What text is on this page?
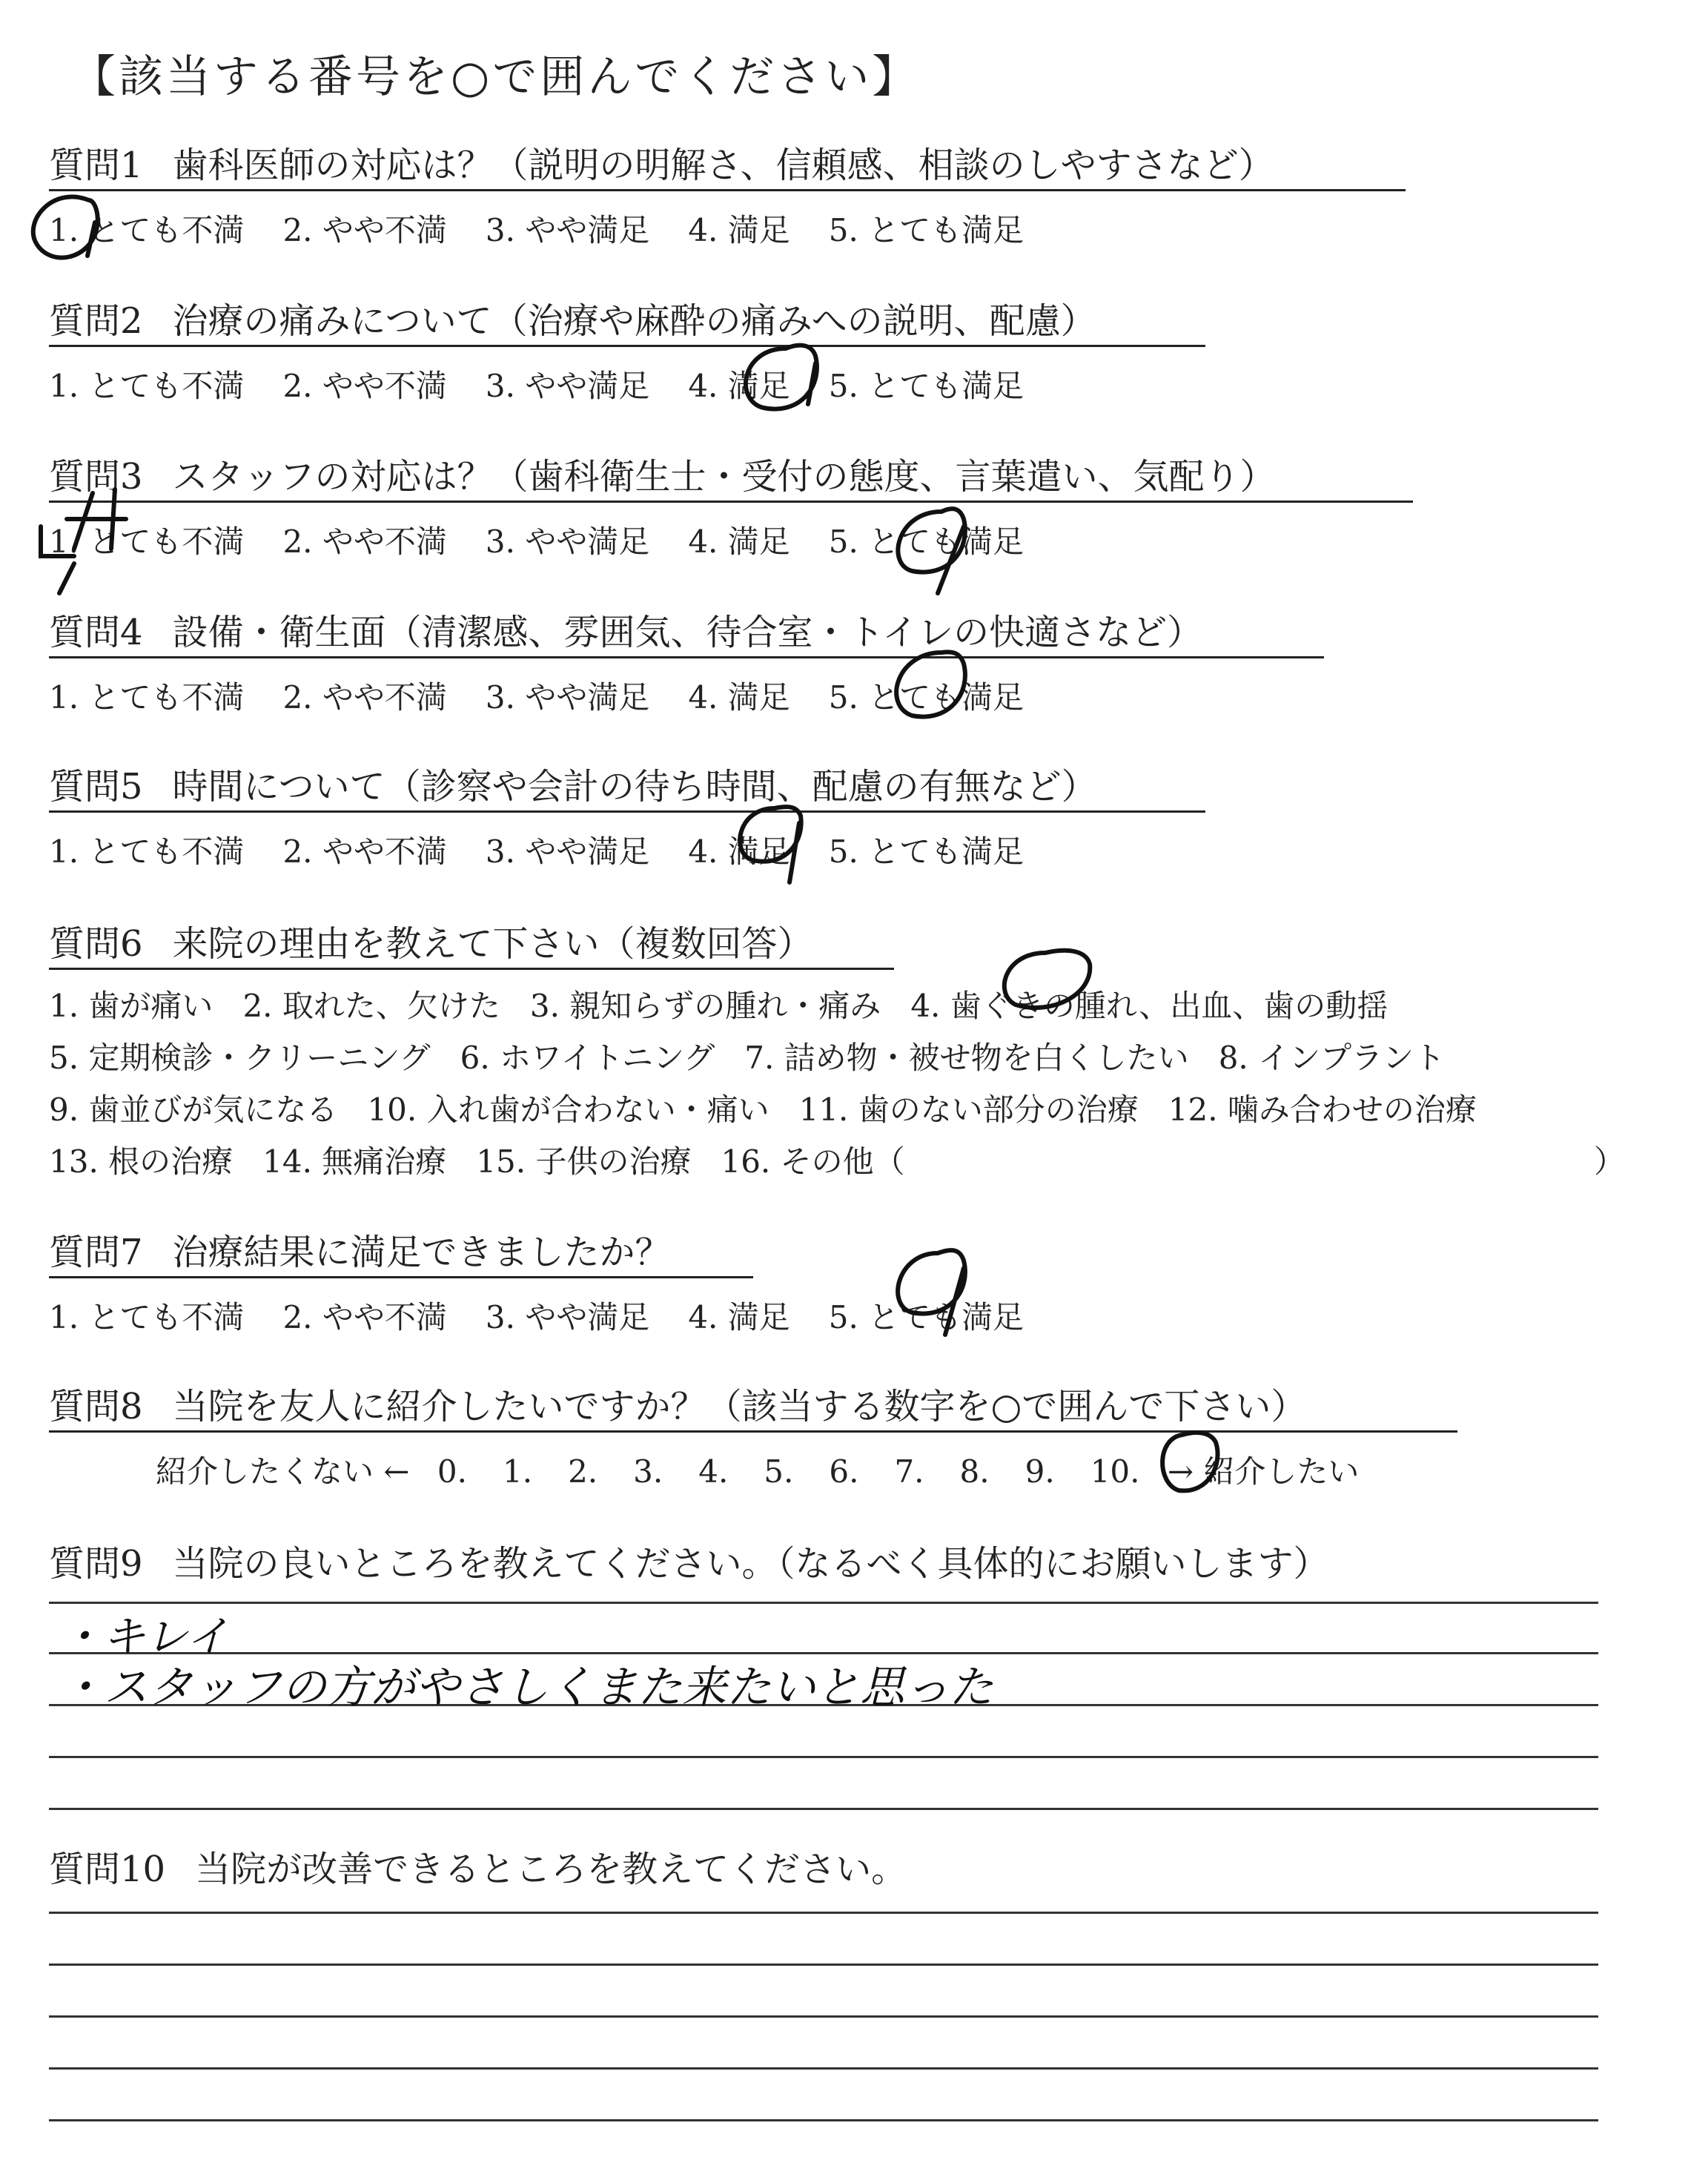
【該当する番号を○で囲んでください】
質問1 歯科医師の対応は？（説明の明解さ、信頼感、相談のしやすさなど）
1. とても不満 2. やや不満 3. やや満足 4. 満足 5. とても満足
質問2 治療の痛みについて（治療や麻酔の痛みへの説明、配慮）
1. とても不満 2. やや不満 3. やや満足 4. 満足 5. とても満足
質問3 スタッフの対応は？（歯科衛生士・受付の態度、言葉遣い、気配り）
1. とても不満 2. やや不満 3. やや満足 4. 満足 5. とても満足
質問4 設備・衛生面（清潔感、雰囲気、待合室・トイレの快適さなど）
1. とても不満 2. やや不満 3. やや満足 4. 満足 5. とても満足
質問5 時間について（診察や会計の待ち時間、配慮の有無など）
1. とても不満 2. やや不満 3. やや満足 4. 満足 5. とても満足
質問6 来院の理由を教えて下さい（複数回答）
1. 歯が痛い 2. 取れた、欠けた 3. 親知らずの腫れ・痛み 4. 歯ぐきの腫れ、出血、歯の動揺
5. 定期検診・クリーニング 6. ホワイトニング 7. 詰め物・被せ物を白くしたい 8. インプラント
9. 歯並びが気になる 10. 入れ歯が合わない・痛い 11. 歯のない部分の治療 12. 噛み合わせの治療
13. 根の治療 14. 無痛治療 15. 子供の治療 16. その他（	）
質問7 治療結果に満足できましたか？
1. とても不満 2. やや不満 3. やや満足 4. 満足 5. とても満足
質問8 当院を友人に紹介したいですか？（該当する数字を○で囲んで下さい）
紹介したくない ← 0. 1. 2. 3. 4. 5. 6. 7. 8. 9. 10. → 紹介したい
質問9 当院の良いところを教えてください。（なるべく具体的にお願いします）
・キレイ
・スタッフの方がやさしくまた来たいと思った
質問10 当院が改善できるところを教えてください。
